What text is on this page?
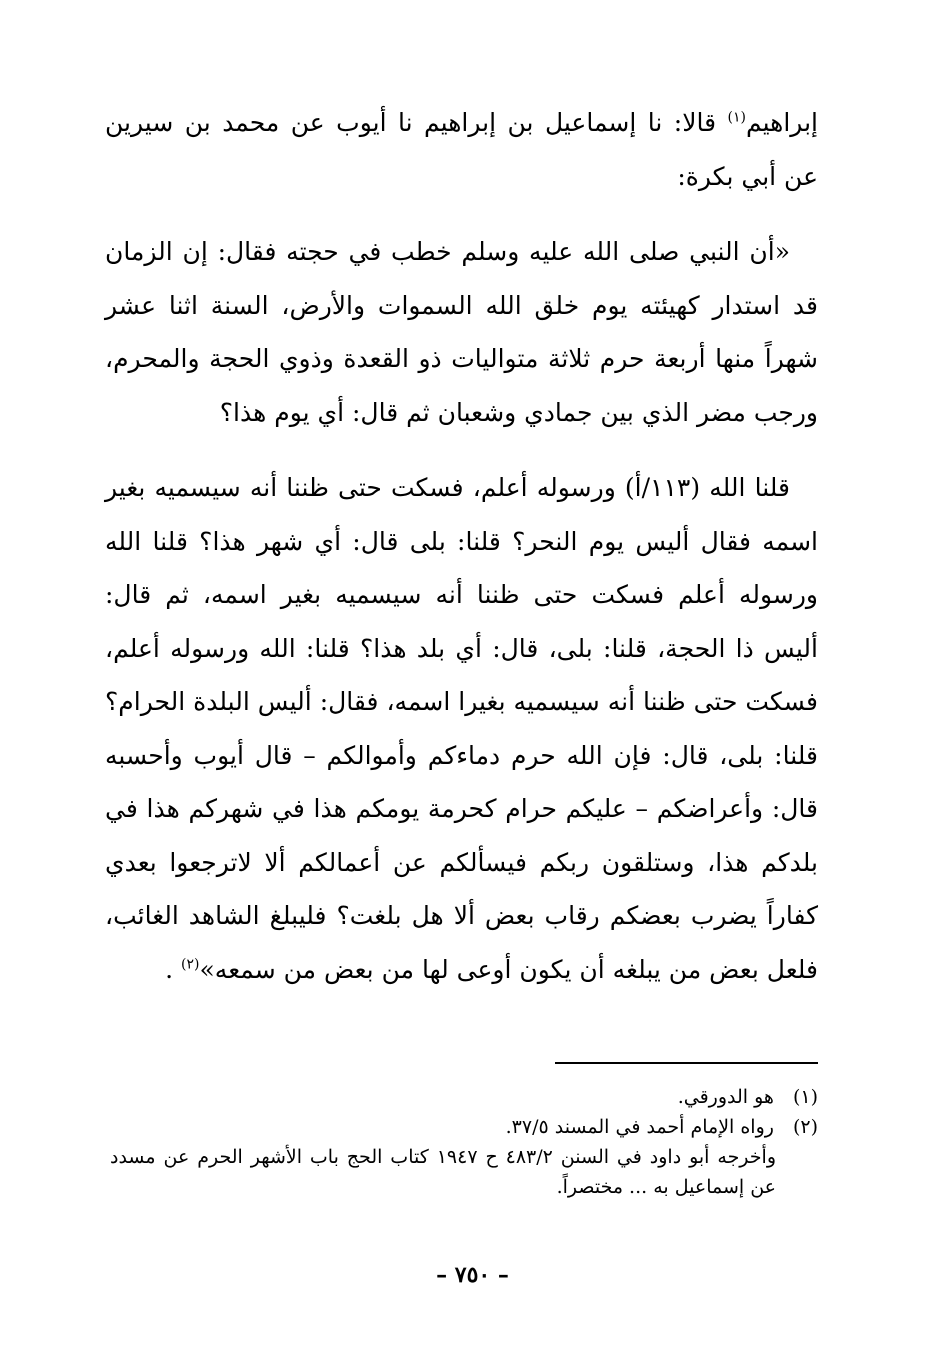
إبراهيم$^{(١)}$ قالا: نا إسماعيل بن إبراهيم نا أيوب عن محمد بن سيرين عن أبي بكرة:

«أن النبي صلى الله عليه وسلم خطب في حجته فقال: إن الزمان قد استدار كهيئته يوم خلق الله السموات والأرض، السنة اثنا عشر شهراً منها أربعة حرم ثلاثة متواليات ذو القعدة وذوي الحجة والمحرم، ورجب مضر الذي بين جمادي وشعبان ثم قال: أي يوم هذا؟

قلنا الله (١١٣/أ) ورسوله أعلم، فسكت حتى ظننا أنه سيسميه بغير اسمه فقال أليس يوم النحر؟ قلنا: بلى قال: أي شهر هذا؟ قلنا الله ورسوله أعلم فسكت حتى ظننا أنه سيسميه بغير اسمه، ثم قال: أليس ذا الحجة، قلنا: بلى، قال: أي بلد هذا؟ قلنا: الله ورسوله أعلم، فسكت حتى ظننا أنه سيسميه بغيرا اسمه، فقال: أليس البلدة الحرام؟ قلنا: بلى، قال: فإن الله حرم دماءكم وأموالكم – قال أيوب وأحسبه قال: وأعراضكم – عليكم حرام كحرمة يومكم هذا في شهركم هذا في بلدكم هذا، وستلقون ربكم فيسألكم عن أعمالكم ألا لاترجعوا بعدي كفاراً يضرب بعضكم رقاب بعض ألا هل بلغت؟ فليبلغ الشاهد الغائب، فلعل بعض من يبلغه أن يكون أوعى لها من بعض من سمعه»$^{(٢)}$ .

(١) هو الدورقي.

(٢) رواه الإمام أحمد في المسند ٣٧/٥.

وأخرجه أبو داود في السنن ٤٨٣/٢ ح ١٩٤٧ كتاب الحج باب الأشهر الحرم عن مسدد عن إسماعيل به ... مختصراً.

– ٧٥٠ –
